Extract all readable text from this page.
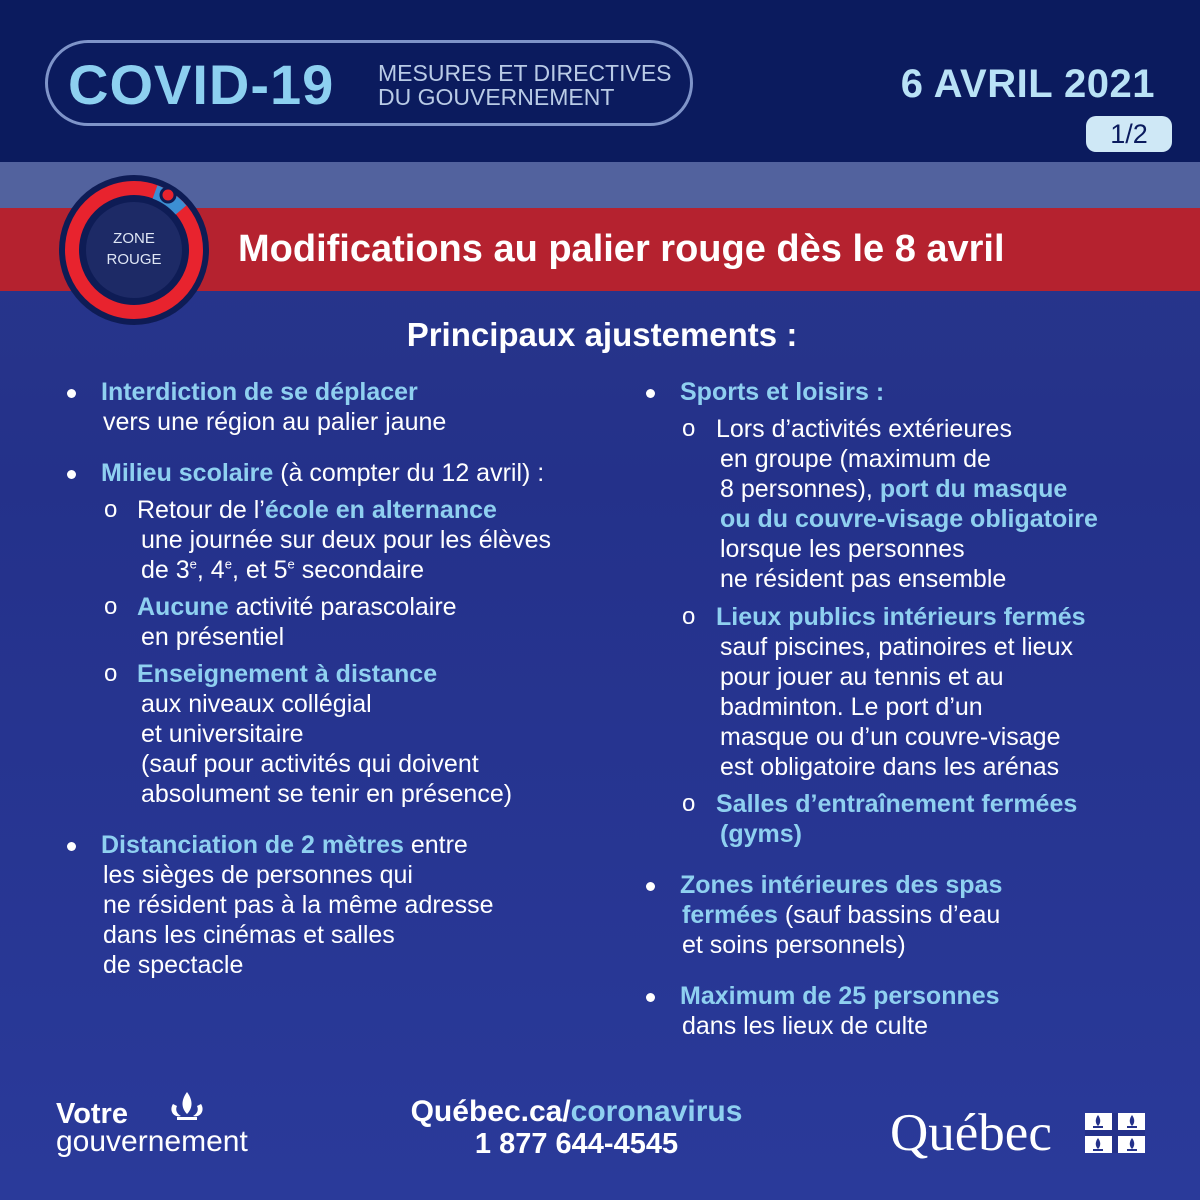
COVID-19 MESURES ET DIRECTIVES
DU GOUVERNEMENT	6 AVRIL 2021
1/2
ZONE
ROUGE	Modifications au palier rouge dès le 8 avril
Principaux ajustements :
Interdiction de se déplacer
vers une région au palier jaune
Milieu scolaire (à compter du 12 avril) :
o Retour de l’école en alternance
une journée sur deux pour les élèves
de 3e, 4e, et 5e secondaire
o Aucune activité parascolaire
en présentiel
o Enseignement à distance
aux niveaux collégial
et universitaire
(sauf pour activités qui doivent
absolument se tenir en présence)
Distanciation de 2 mètres entre
les sièges de personnes qui
ne résident pas à la même adresse
dans les cinémas et salles
de spectacle
Sports et loisirs :
o Lors d’activités extérieures
en groupe (maximum de
8 personnes), port du masque
ou du couvre-visage obligatoire
lorsque les personnes
ne résident pas ensemble
o Lieux publics intérieurs fermés
sauf piscines, patinoires et lieux
pour jouer au tennis et au
badminton. Le port d’un
masque ou d’un couvre-visage
est obligatoire dans les arénas
o Salles d’entraînement fermées
(gyms)
Zones intérieures des spas
fermées (sauf bassins d’eau
et soins personnels)
Maximum de 25 personnes
dans les lieux de culte
Votre
gouvernement
Québec.ca/coronavirus
1 877 644-4545	Québec
